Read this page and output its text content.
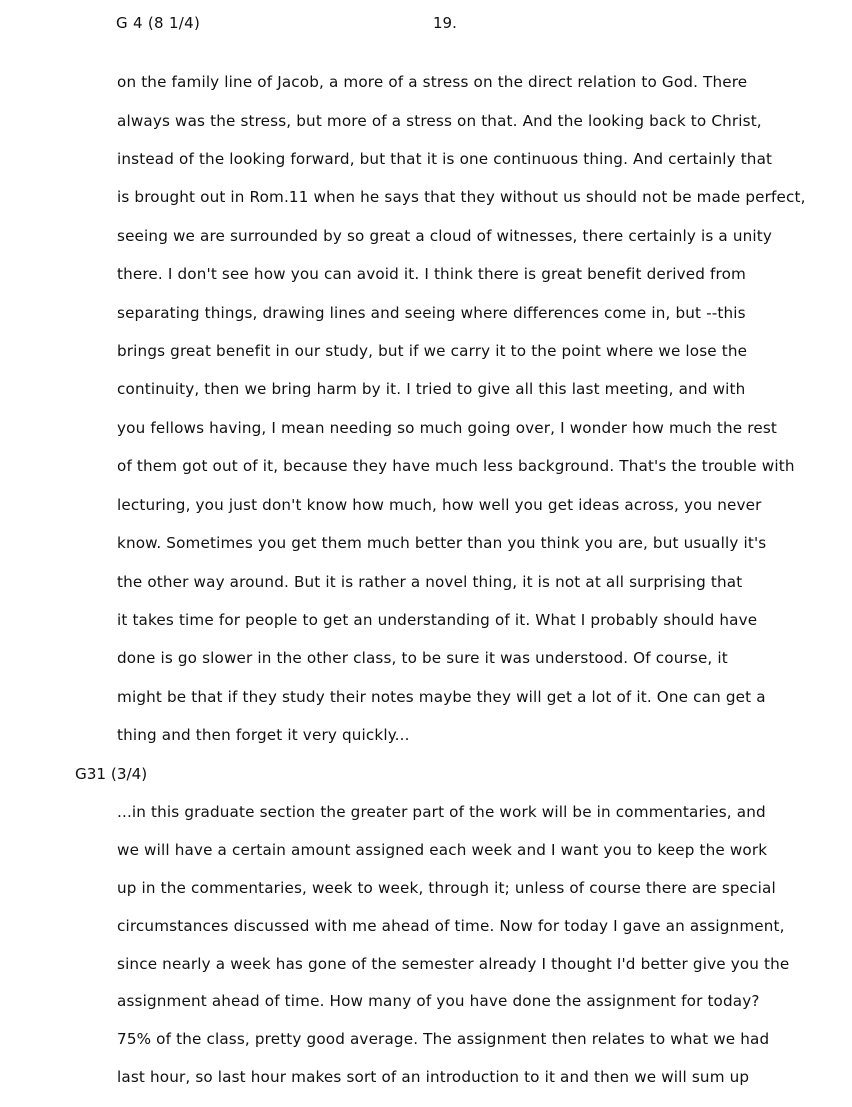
G 4 (8 1/4)	19.
on the family line of Jacob, a more of a stress on the direct relation to God. There
always was the stress, but more of a stress on that. And the looking back to Christ,
instead of the looking forward, but that it is one continuous thing. And certainly that
is brought out in Rom.11 when he says that they without us should not be made perfect,
seeing we are surrounded by so great a cloud of witnesses, there certainly is a unity
there. I don't see how you can avoid it. I think there is great benefit derived from
separating things, drawing lines and seeing where differences come in, but --this
brings great benefit in our study, but if we carry it to the point where we lose the
continuity, then we bring harm by it. I tried to give all this last meeting, and with
you fellows having, I mean needing so much going over, I wonder how much the rest
of them got out of it, because they have much less background. That's the trouble with
lecturing, you just don't know how much, how well you get ideas across, you never
know. Sometimes you get them much better than you think you are, but usually it's
the other way around. But it is rather a novel thing, it is not at all surprising that
it takes time for people to get an understanding of it. What I probably should have
done is go slower in the other class, to be sure it was understood. Of course, it
might be that if they study their notes maybe they will get a lot of it. One can get a
thing and then forget it very quickly...
G31 (3/4)
...in this graduate section the greater part of the work will be in commentaries, and
we will have a certain amount assigned each week and I want you to keep the work
up in the commentaries, week to week, through it; unless of course there are special
circumstances discussed with me ahead of time. Now for today I gave an assignment,
since nearly a week has gone of the semester already I thought I'd better give you the
assignment ahead of time. How many of you have done the assignment for today?
75% of the class, pretty good average. The assignment then relates to what we had
last hour, so last hour makes sort of an introduction to it and then we will sum up
